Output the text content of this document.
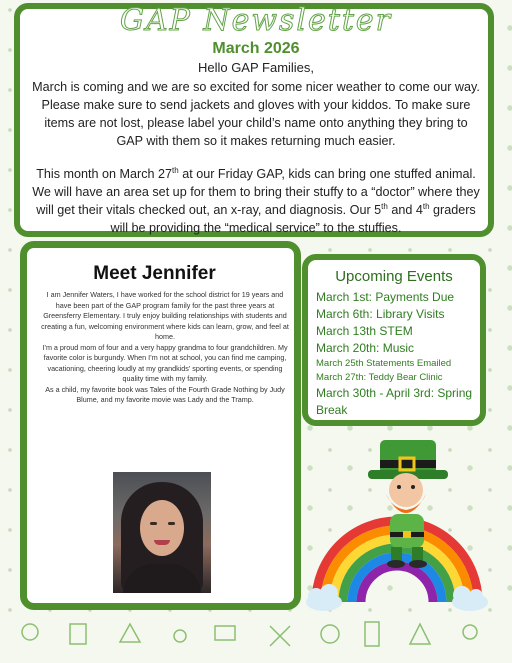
GAP Newsletter
March 2026
Hello GAP Families,
March is coming and we are so excited for some nicer weather to come our way. Please make sure to send jackets and gloves with your kiddos. To make sure items are not lost, please label your child’s name onto anything they bring to GAP with them so it makes returning much easier.
This month on March 27th at our Friday GAP, kids can bring one stuffed animal. We will have an area set up for them to bring their stuffy to a “doctor” where they will get their vitals checked out, an x-ray, and diagnosis. Our 5th and 4th graders will be providing the “medical service” to the stuffies.
Meet Jennifer
I am Jennifer Waters, I have worked for the school district for 19 years and have been part of the GAP program family for the past three years at Greensferry Elementary. I truly enjoy building relationships with students and creating a fun, welcoming environment where kids can learn, grow, and feel at home.
I’m a proud mom of four and a very happy grandma to four grandchildren. My favorite color is burgundy. When I’m not at school, you can find me camping, vacationing, cheering loudly at my grandkids’ sporting events, or spending quality time with my family.
As a child, my favorite book was Tales of the Fourth Grade Nothing by Judy Blume, and my favorite movie was Lady and the Tramp.
Upcoming Events
March 1st: Payments Due
March 6th: Library Visits
March 13th STEM
March 20th: Music
March 25th Statements Emailed
March 27th: Teddy Bear Clinic
March 30th - April 3rd: Spring Break
